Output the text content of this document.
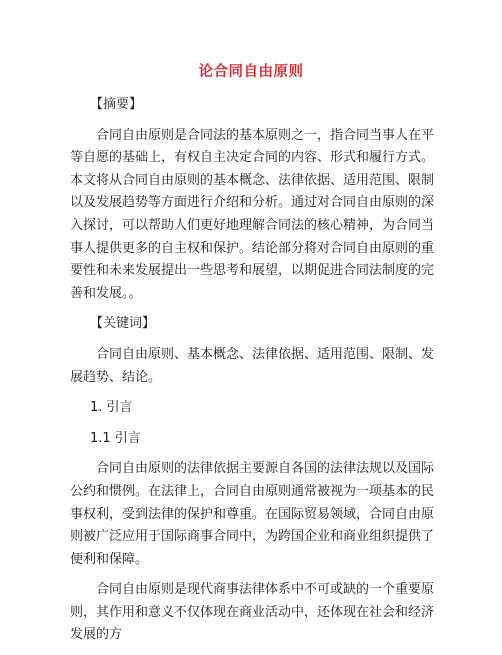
论合同自由原则

【摘要】

合同自由原则是合同法的基本原则之一，指合同当事人在平等自愿的基础上，有权自主决定合同的内容、形式和履行方式。本文将从合同自由原则的基本概念、法律依据、适用范围、限制以及发展趋势等方面进行介绍和分析。通过对合同自由原则的深入探讨，可以帮助人们更好地理解合同法的核心精神，为合同当事人提供更多的自主权和保护。结论部分将对合同自由原则的重要性和未来发展提出一些思考和展望，以期促进合同法制度的完善和发展。。

【关键词】

合同自由原则、基本概念、法律依据、适用范围、限制、发展趋势、结论。

1. 引言

1.1 引言

合同自由原则的法律依据主要源自各国的法律法规以及国际公约和惯例。在法律上，合同自由原则通常被视为一项基本的民事权利，受到法律的保护和尊重。在国际贸易领域，合同自由原则被广泛应用于国际商事合同中，为跨国企业和商业组织提供了便利和保障。

合同自由原则是现代商事法律体系中不可或缺的一个重要原则，其作用和意义不仅体现在商业活动中，还体现在社会和经济发展的方
